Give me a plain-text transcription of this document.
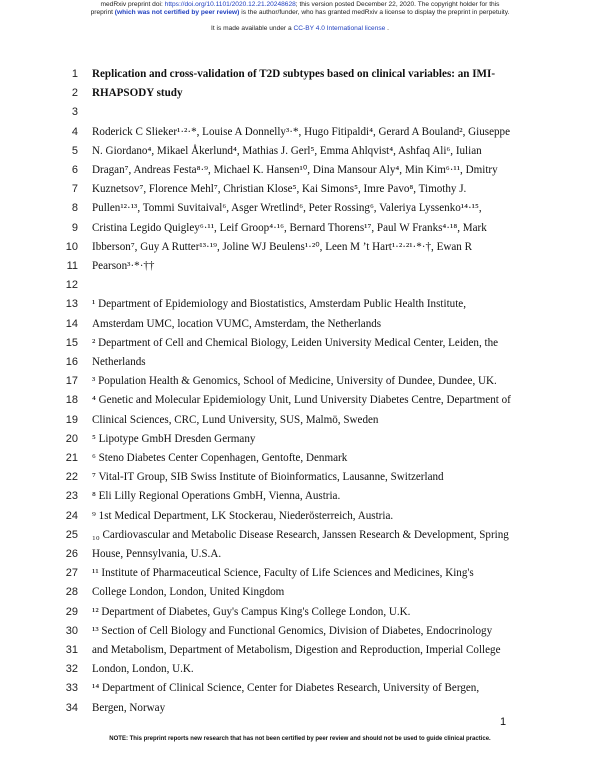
medRxiv preprint doi: https://doi.org/10.1101/2020.12.21.20248628; this version posted December 22, 2020. The copyright holder for this
preprint (which was not certified by peer review) is the author/funder, who has granted medRxiv a license to display the preprint in perpetuity.
It is made available under a CC-BY 4.0 International license .
1 Replication and cross-validation of T2D subtypes based on clinical variables: an IMI-
2 RHAPSODY study
3
4 Roderick C Slieker¹·²·*, Louise A Donnelly³·*, Hugo Fitipaldi⁴, Gerard A Bouland², Giuseppe
5 N. Giordano⁴, Mikael Åkerlund⁴, Mathias J. Gerl⁵, Emma Ahlqvist⁴, Ashfaq Ali⁶, Iulian
6 Dragan⁷, Andreas Festa⁸·⁹, Michael K. Hansen¹⁰, Dina Mansour Aly⁴, Min Kim⁶·¹¹, Dmitry
7 Kuznetsov⁷, Florence Mehl⁷, Christian Klose⁵, Kai Simons⁵, Imre Pavo⁸, Timothy J.
8 Pullen¹²·¹³, Tommi Suvitaival⁶, Asger Wretlind⁶, Peter Rossing⁶, Valeriya Lyssenko¹⁴·¹⁵,
9 Cristina Legido Quigley⁶·¹¹, Leif Groop⁴·¹⁶, Bernard Thorens¹⁷, Paul W Franks⁴·¹⁸, Mark
10 Ibberson⁷, Guy A Rutter¹³·¹⁹, Joline WJ Beulens¹·²⁰, Leen M ’t Hart¹·²·²¹·*·†, Ewan R
11 Pearson³·*·††
12
13 ¹ Department of Epidemiology and Biostatistics, Amsterdam Public Health Institute,
14 Amsterdam UMC, location VUMC, Amsterdam, the Netherlands
15 ² Department of Cell and Chemical Biology, Leiden University Medical Center, Leiden, the
16 Netherlands
17 ³ Population Health & Genomics, School of Medicine, University of Dundee, Dundee, UK.
18 ⁴ Genetic and Molecular Epidemiology Unit, Lund University Diabetes Centre, Department of
19 Clinical Sciences, CRC, Lund University, SUS, Malmö, Sweden
20 ⁵ Lipotype GmbH Dresden Germany
21 ⁶ Steno Diabetes Center Copenhagen, Gentofte, Denmark
22 ⁷ Vital-IT Group, SIB Swiss Institute of Bioinformatics, Lausanne, Switzerland
23 ⁸ Eli Lilly Regional Operations GmbH, Vienna, Austria.
24 ⁹ 1st Medical Department, LK Stockerau, Niederösterreich, Austria.
25 ₁₀ Cardiovascular and Metabolic Disease Research, Janssen Research & Development, Spring
26 House, Pennsylvania, U.S.A.
27 ¹¹ Institute of Pharmaceutical Science, Faculty of Life Sciences and Medicines, King's
28 College London, London, United Kingdom
29 ¹² Department of Diabetes, Guy's Campus King's College London, U.K.
30 ¹³ Section of Cell Biology and Functional Genomics, Division of Diabetes, Endocrinology
31 and Metabolism, Department of Metabolism, Digestion and Reproduction, Imperial College
32 London, London, U.K.
33 ¹⁴ Department of Clinical Science, Center for Diabetes Research, University of Bergen,
34 Bergen, Norway
1
NOTE: This preprint reports new research that has not been certified by peer review and should not be used to guide clinical practice.
